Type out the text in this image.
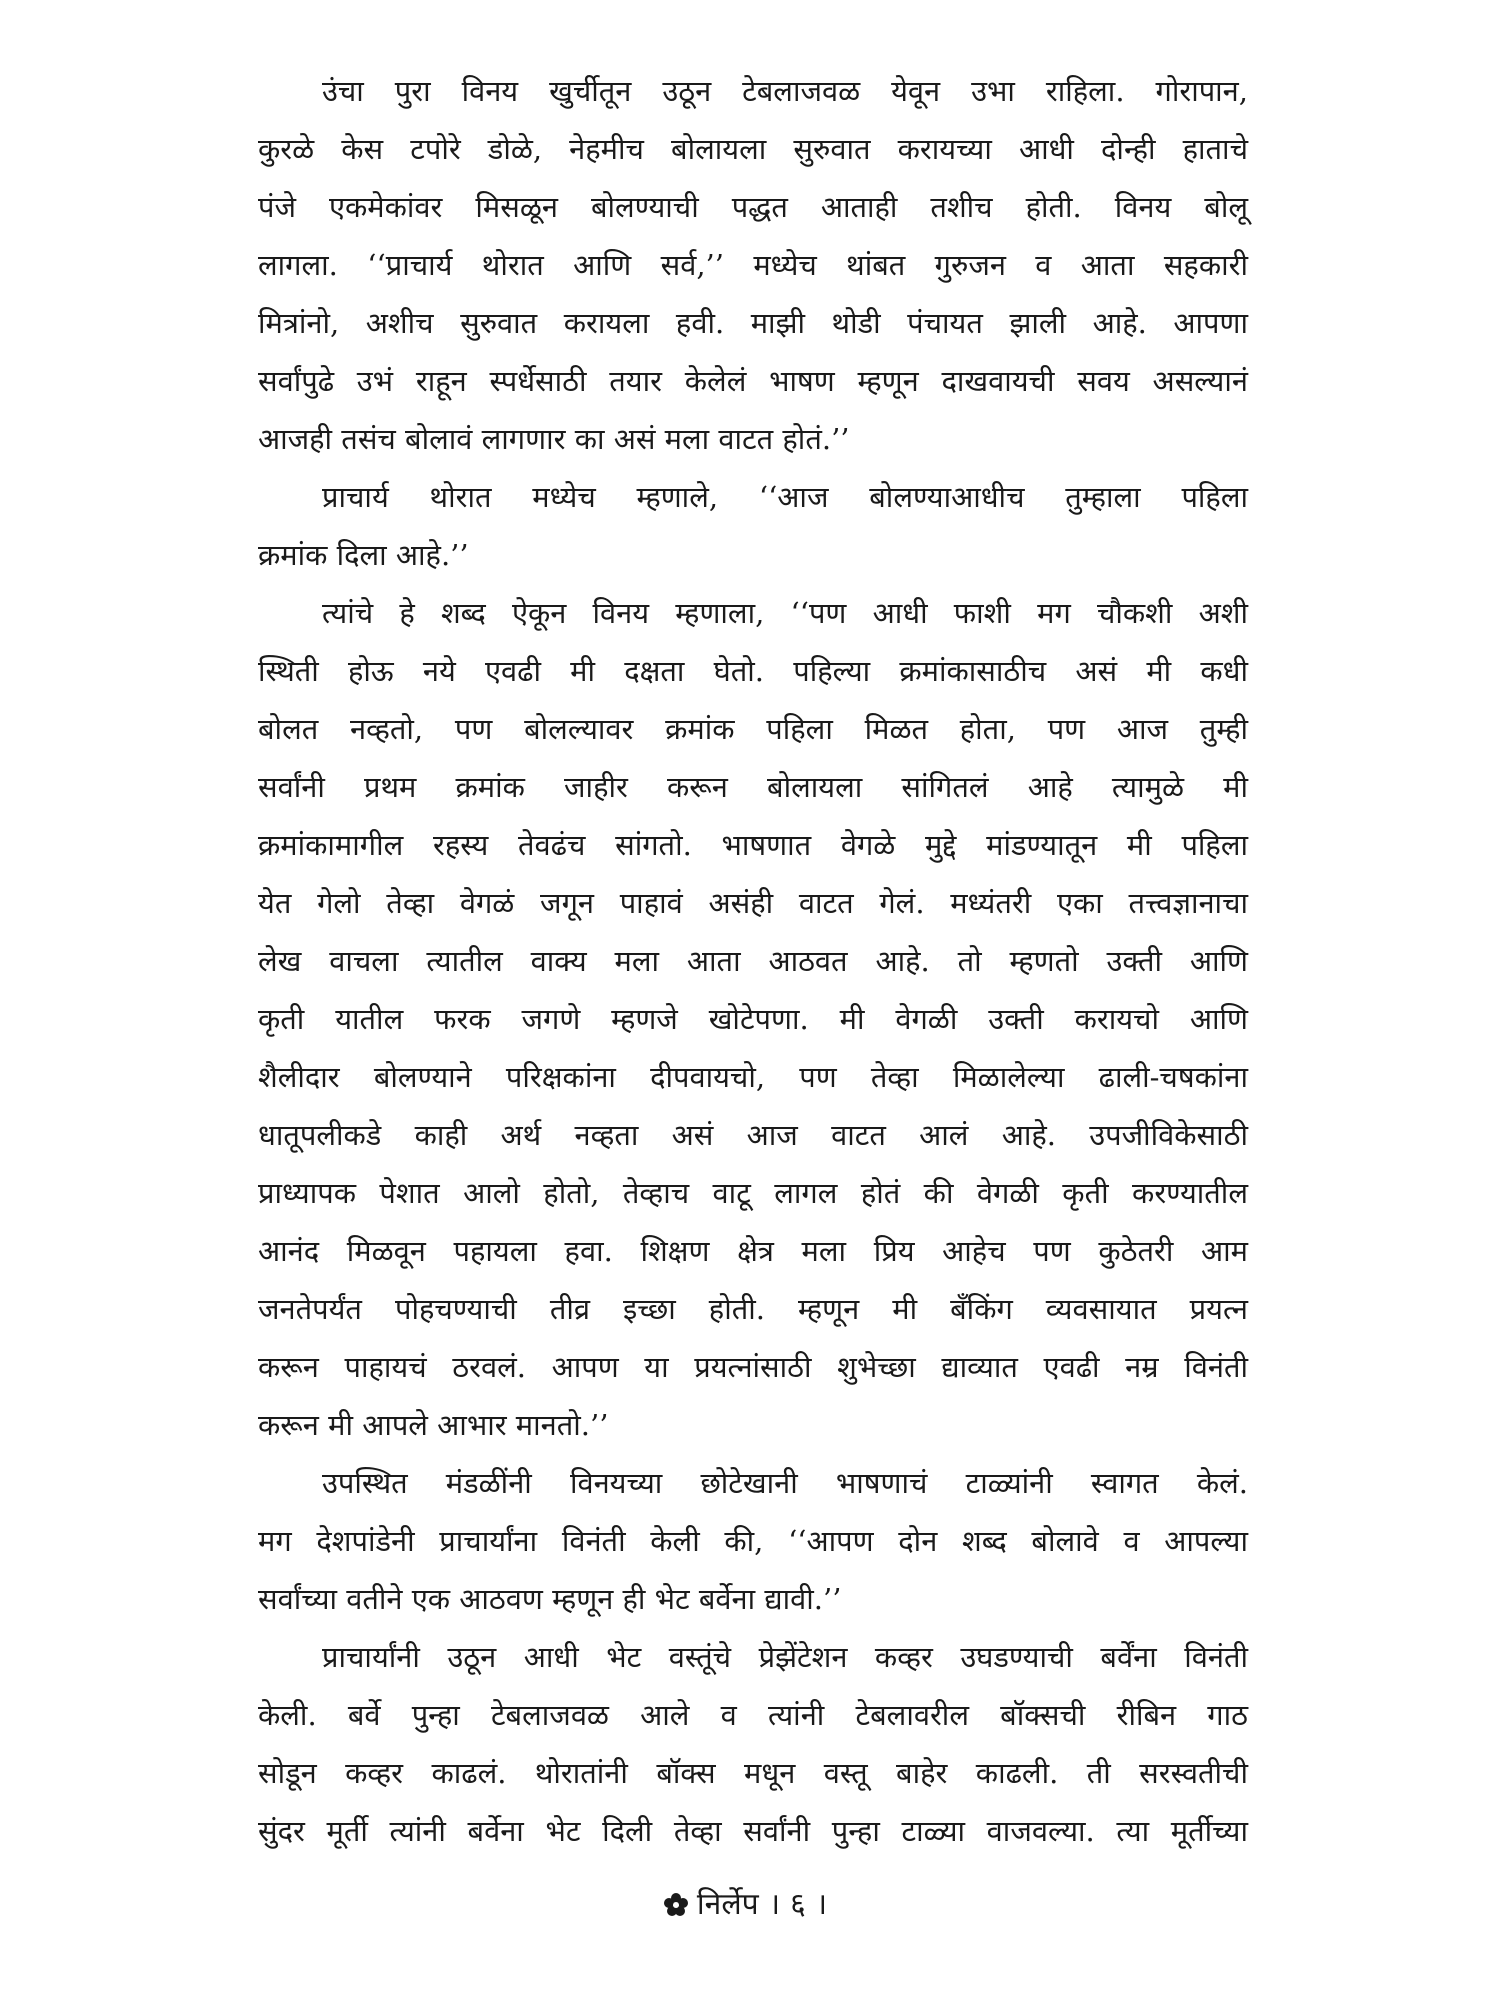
उंचा पुरा विनय खुर्चीतून उठून टेबलाजवळ येवून उभा राहिला. गोरापान,
कुरळे केस टपोरे डोळे, नेहमीच बोलायला सुरुवात करायच्या आधी दोन्ही हाताचे
पंजे एकमेकांवर मिसळून बोलण्याची पद्धत आताही तशीच होती. विनय बोलू
लागला. ‘‘प्राचार्य थोरात आणि सर्व,’’ मध्येच थांबत गुरुजन व आता सहकारी
मित्रांनो, अशीच सुरुवात करायला हवी. माझी थोडी पंचायत झाली आहे. आपणा
सर्वांपुढे उभं राहून स्पर्धेसाठी तयार केलेलं भाषण म्हणून दाखवायची सवय असल्यानं
आजही तसंच बोलावं लागणार का असं मला वाटत होतं.’’
प्राचार्य थोरात मध्येच म्हणाले, ‘‘आज बोलण्याआधीच तुम्हाला पहिला
क्रमांक दिला आहे.’’
त्यांचे हे शब्द ऐकून विनय म्हणाला, ‘‘पण आधी फाशी मग चौकशी अशी
स्थिती होऊ नये एवढी मी दक्षता घेतो. पहिल्या क्रमांकासाठीच असं मी कधी
बोलत नव्हतो, पण बोलल्यावर क्रमांक पहिला मिळत होता, पण आज तुम्ही
सर्वांनी प्रथम क्रमांक जाहीर करून बोलायला सांगितलं आहे त्यामुळे मी
क्रमांकामागील रहस्य तेवढंच सांगतो. भाषणात वेगळे मुद्दे मांडण्यातून मी पहिला
येत गेलो तेव्हा वेगळं जगून पाहावं असंही वाटत गेलं. मध्यंतरी एका तत्त्वज्ञानाचा
लेख वाचला त्यातील वाक्य मला आता आठवत आहे. तो म्हणतो उक्ती आणि
कृती यातील फरक जगणे म्हणजे खोटेपणा. मी वेगळी उक्ती करायचो आणि
शैलीदार बोलण्याने परिक्षकांना दीपवायचो, पण तेव्हा मिळालेल्या ढाली-चषकांना
धातूपलीकडे काही अर्थ नव्हता असं आज वाटत आलं आहे. उपजीविकेसाठी
प्राध्यापक पेशात आलो होतो, तेव्हाच वाटू लागल होतं की वेगळी कृती करण्यातील
आनंद मिळवून पहायला हवा. शिक्षण क्षेत्र मला प्रिय आहेच पण कुठेतरी आम
जनतेपर्यंत पोहचण्याची तीव्र इच्छा होती. म्हणून मी बँकिंग व्यवसायात प्रयत्न
करून पाहायचं ठरवलं. आपण या प्रयत्नांसाठी शुभेच्छा द्याव्यात एवढी नम्र विनंती
करून मी आपले आभार मानतो.’’
उपस्थित मंडळींनी विनयच्या छोटेखानी भाषणाचं टाळ्यांनी स्वागत केलं.
मग देशपांडेनी प्राचार्यांना विनंती केली की, ‘‘आपण दोन शब्द बोलावे व आपल्या
सर्वांच्या वतीने एक आठवण म्हणून ही भेट बर्वेना द्यावी.’’
प्राचार्यांनी उठून आधी भेट वस्तूंचे प्रेझेंटेशन कव्हर उघडण्याची बर्वेंना विनंती
केली. बर्वे पुन्हा टेबलाजवळ आले व त्यांनी टेबलावरील बॉक्सची रीबिन गाठ
सोडून कव्हर काढलं. थोरातांनी बॉक्स मधून वस्तू बाहेर काढली. ती सरस्वतीची
सुंदर मूर्ती त्यांनी बर्वेना भेट दिली तेव्हा सर्वांनी पुन्हा टाळ्या वाजवल्या. त्या मूर्तीच्या
निर्लेप । ६ ।
